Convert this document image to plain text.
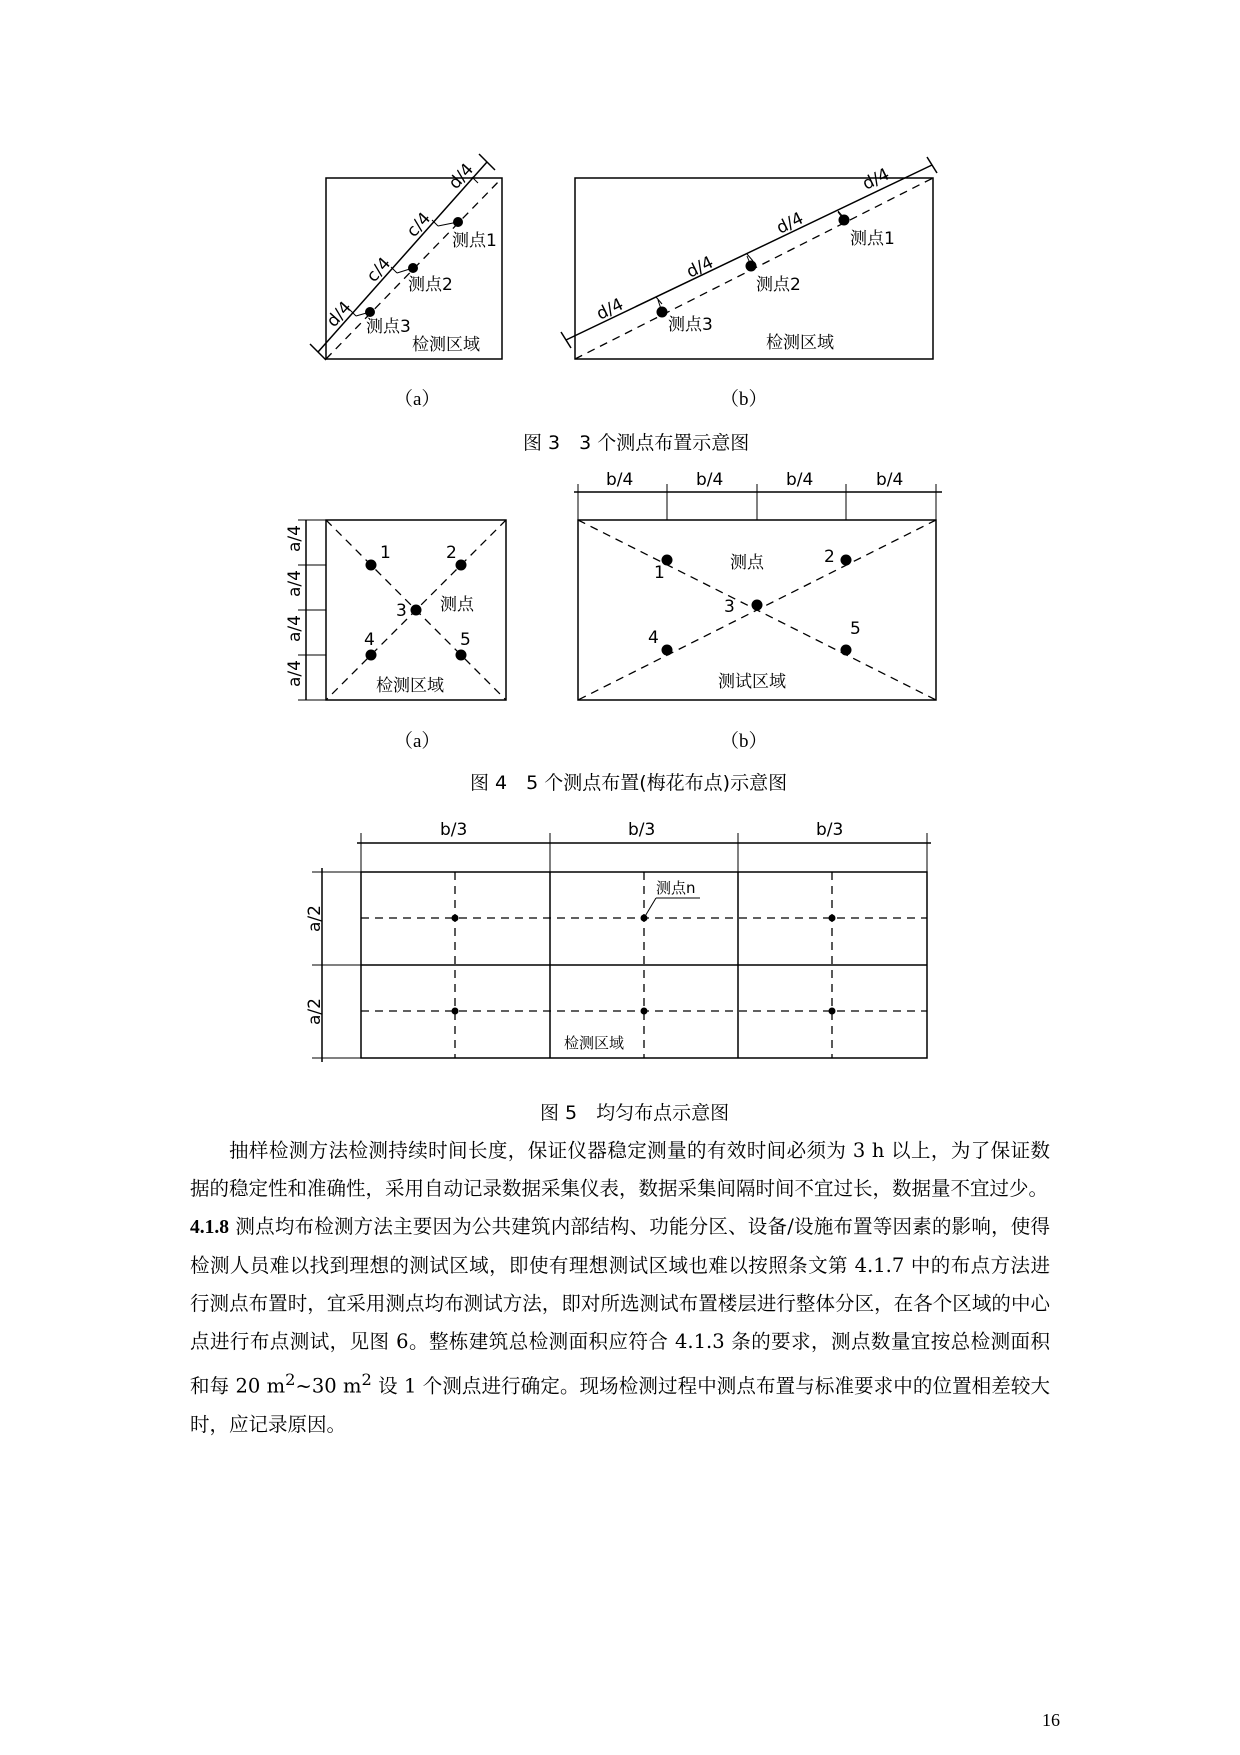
d/4
c/4
c/4
d/4
测点1
测点2
测点3
检测区域
d/4
d/4
d/4
d/4
测点1
测点2
测点3
检测区域
a/4
a/4
a/4
a/4
1	2
3
4	5
测点
检测区域
b/4	b/4	b/4	b/4
1
2
3
4	5
测点
测试区域
b/3	b/3	b/3
a/2
a/2
测点n
检测区域
（a）	（b）
图 3　3 个测点布置示意图
（a）	（b）
图 4　5 个测点布置(梅花布点)示意图
图 5　均匀布点示意图

抽样检测方法检测持续时间长度，保证仪器稳定测量的有效时间必须为 3 h 以上，为了保证数据的稳定性和准确性，采用自动记录数据采集仪表，数据采集间隔时间不宜过长，数据量不宜过少。

4.1.8 测点均布检测方法主要因为公共建筑内部结构、功能分区、设备/设施布置等因素的影响，使得检测人员难以找到理想的测试区域，即使有理想测试区域也难以按照条文第 4.1.7 中的布点方法进行测点布置时，宜采用测点均布测试方法，即对所选测试布置楼层进行整体分区，在各个区域的中心点进行布点测试，见图 6。整栋建筑总检测面积应符合 4.1.3 条的要求，测点数量宜按总检测面积和每 20 $m^2\sim 30$ $m^2$ 设 1 个测点进行确定。现场检测过程中测点布置与标准要求中的位置相差较大时，应记录原因。

16
